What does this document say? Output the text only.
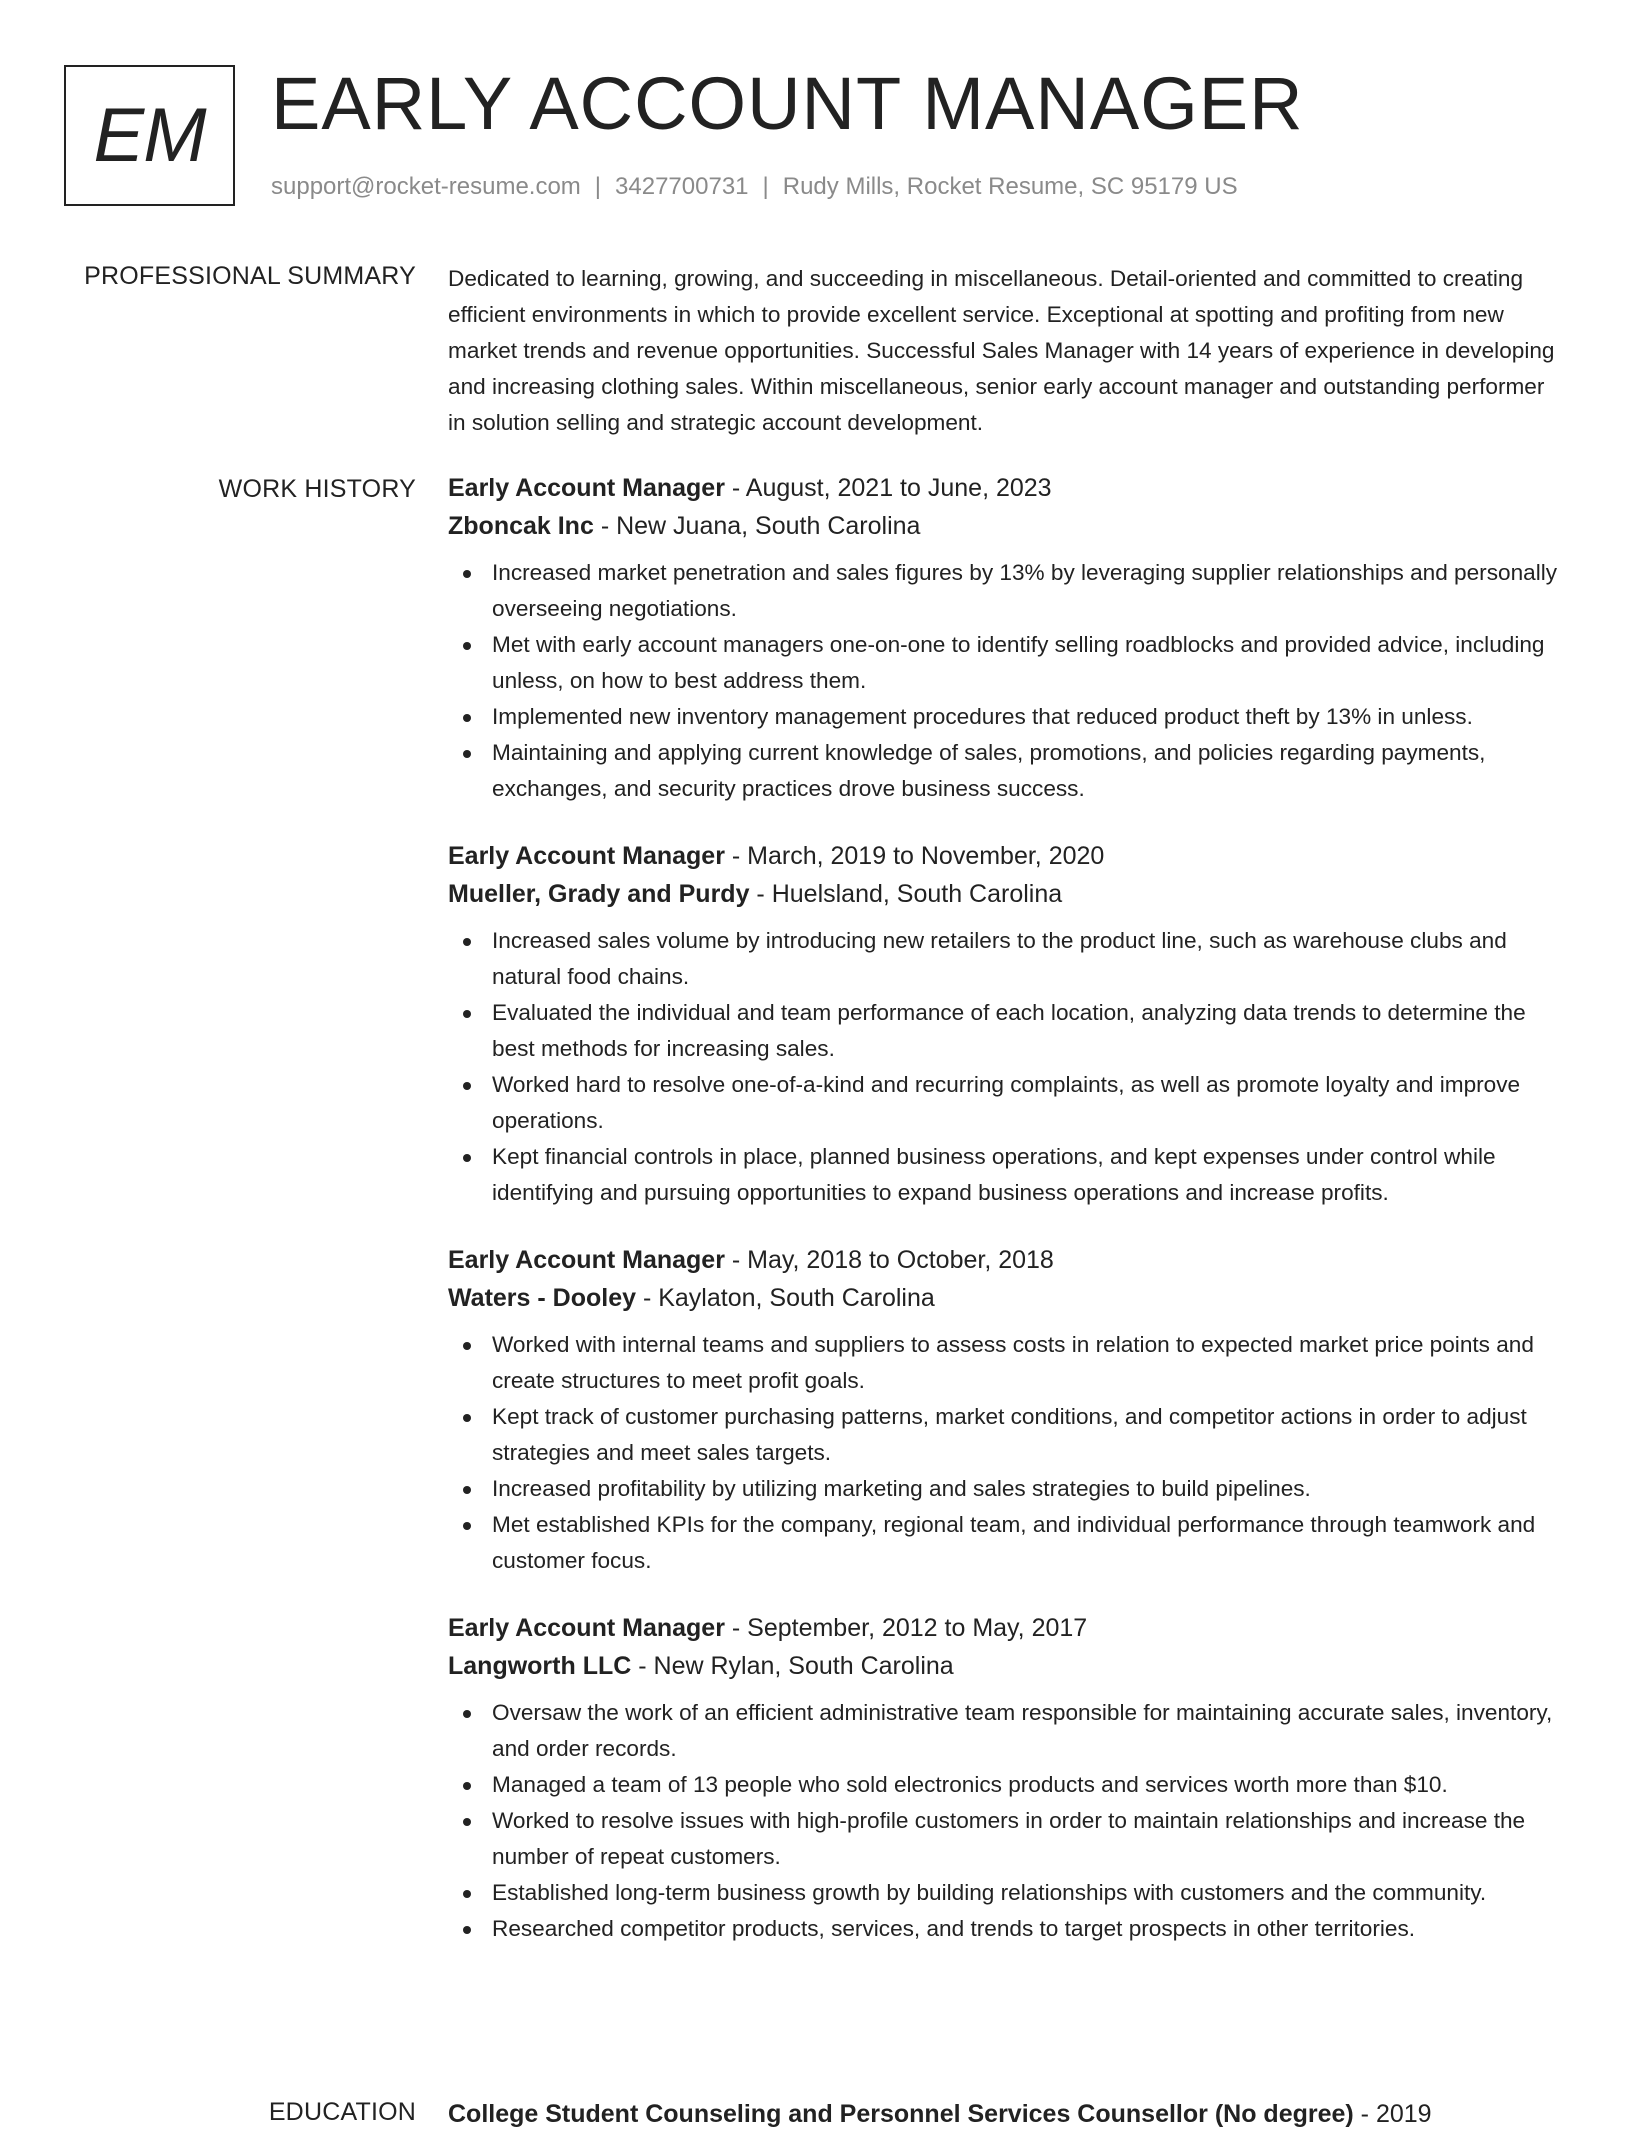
EM EARLY ACCOUNT MANAGER
support@rocket-resume.com | 3427700731 | Rudy Mills, Rocket Resume, SC 95179 US
PROFESSIONAL SUMMARY Dedicated to learning, growing, and succeeding in miscellaneous. Detail-oriented and committed to creating efficient environments in which to provide excellent service. Exceptional at spotting and profiting from new market trends and revenue opportunities. Successful Sales Manager with 14 years of experience in developing and increasing clothing sales. Within miscellaneous, senior early account manager and outstanding performer in solution selling and strategic account development.

WORK HISTORY Early Account Manager - August, 2021 to June, 2023
Zboncak Inc - New Juana, South Carolina
Increased market penetration and sales figures by 13% by leveraging supplier relationships and personally overseeing negotiations.
Met with early account managers one-on-one to identify selling roadblocks and provided advice, including unless, on how to best address them.
Implemented new inventory management procedures that reduced product theft by 13% in unless.
Maintaining and applying current knowledge of sales, promotions, and policies regarding payments, exchanges, and security practices drove business success.
Early Account Manager - March, 2019 to November, 2020
Mueller, Grady and Purdy - Huelsland, South Carolina
Increased sales volume by introducing new retailers to the product line, such as warehouse clubs and natural food chains.
Evaluated the individual and team performance of each location, analyzing data trends to determine the best methods for increasing sales.
Worked hard to resolve one-of-a-kind and recurring complaints, as well as promote loyalty and improve operations.
Kept financial controls in place, planned business operations, and kept expenses under control while identifying and pursuing opportunities to expand business operations and increase profits.
Early Account Manager - May, 2018 to October, 2018
Waters - Dooley - Kaylaton, South Carolina
Worked with internal teams and suppliers to assess costs in relation to expected market price points and create structures to meet profit goals.
Kept track of customer purchasing patterns, market conditions, and competitor actions in order to adjust strategies and meet sales targets.
Increased profitability by utilizing marketing and sales strategies to build pipelines.
Met established KPIs for the company, regional team, and individual performance through teamwork and customer focus.
Early Account Manager - September, 2012 to May, 2017
Langworth LLC - New Rylan, South Carolina
Oversaw the work of an efficient administrative team responsible for maintaining accurate sales, inventory, and order records.
Managed a team of 13 people who sold electronics products and services worth more than $10.
Worked to resolve issues with high-profile customers in order to maintain relationships and increase the number of repeat customers.
Established long-term business growth by building relationships with customers and the community.
Researched competitor products, services, and trends to target prospects in other territories.
EDUCATION College Student Counseling and Personnel Services Counsellor (No degree) - 2019
